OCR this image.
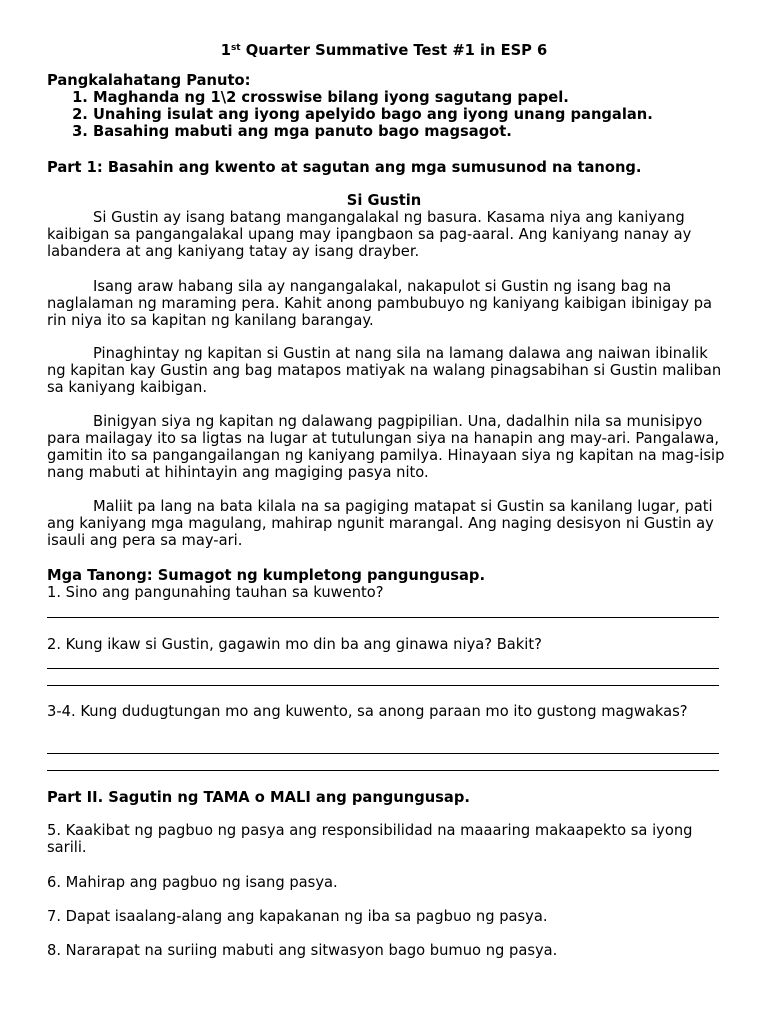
1st Quarter Summative Test #1 in ESP 6
Pangkalahatang Panuto:
1. Maghanda ng 1\2 crosswise bilang iyong sagutang papel.
2. Unahing isulat ang iyong apelyido bago ang iyong unang pangalan.
3. Basahing mabuti ang mga panuto bago magsagot.
Part 1: Basahin ang kwento at sagutan ang mga sumusunod na tanong.
Si Gustin

Si Gustin ay isang batang mangangalakal ng basura. Kasama niya ang kaniyang kaibigan sa pangangalakal upang may ipangbaon sa pag-aaral. Ang kaniyang nanay ay labandera at ang kaniyang tatay ay isang drayber.

Isang araw habang sila ay nangangalakal, nakapulot si Gustin ng isang bag na naglalaman ng maraming pera. Kahit anong pambubuyo ng kaniyang kaibigan ibinigay pa rin niya ito sa kapitan ng kanilang barangay.

Pinaghintay ng kapitan si Gustin at nang sila na lamang dalawa ang naiwan ibinalik ng kapitan kay Gustin ang bag matapos matiyak na walang pinagsabihan si Gustin maliban sa kaniyang kaibigan.

Binigyan siya ng kapitan ng dalawang pagpipilian. Una, dadalhin nila sa munisipyo para mailagay ito sa ligtas na lugar at tutulungan siya na hanapin ang may-ari. Pangalawa, gamitin ito sa pangangailangan ng kaniyang pamilya. Hinayaan siya ng kapitan na mag-isip nang mabuti at hihintayin ang magiging pasya nito.

Maliit pa lang na bata kilala na sa pagiging matapat si Gustin sa kanilang lugar, pati ang kaniyang mga magulang, mahirap ngunit marangal. Ang naging desisyon ni Gustin ay isauli ang pera sa may-ari.

Mga Tanong: Sumagot ng kumpletong pangungusap.
1. Sino ang pangunahing tauhan sa kuwento?
2. Kung ikaw si Gustin, gagawin mo din ba ang ginawa niya? Bakit?
3-4. Kung dudugtungan mo ang kuwento, sa anong paraan mo ito gustong magwakas?
Part II. Sagutin ng TAMA o MALI ang pangungusap.
5. Kaakibat ng pagbuo ng pasya ang responsibilidad na maaaring makaapekto sa iyong sarili.
6. Mahirap ang pagbuo ng isang pasya.
7. Dapat isaalang-alang ang kapakanan ng iba sa pagbuo ng pasya.
8. Nararapat na suriing mabuti ang sitwasyon bago bumuo ng pasya.
